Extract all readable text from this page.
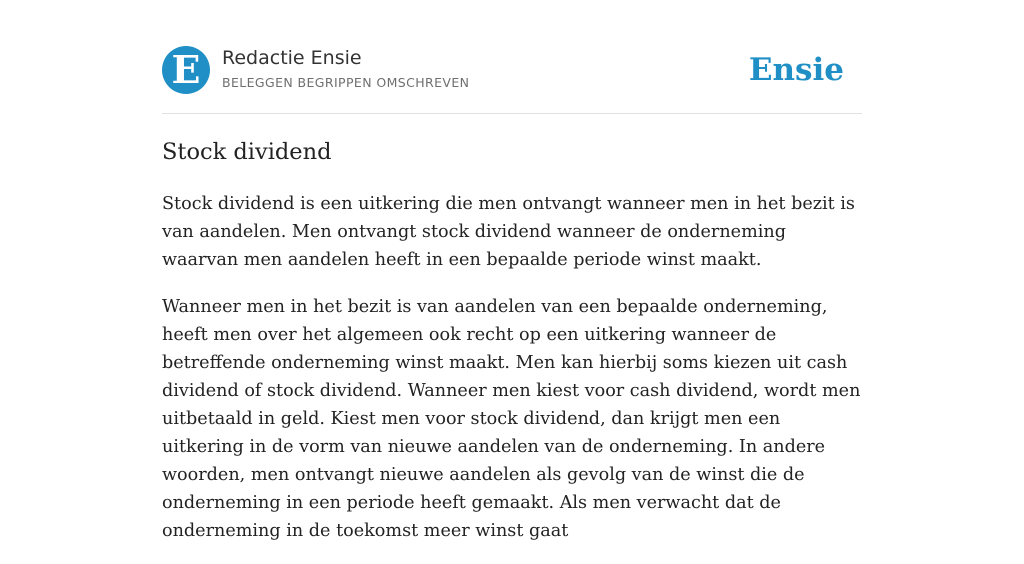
E	Redactie Ensie
BELEGGEN BEGRIPPEN OMSCHREVEN	Ensie
Stock dividend

Stock dividend is een uitkering die men ontvangt wanneer men in het bezit is van aandelen. Men ontvangt stock dividend wanneer de onderneming waarvan men aandelen heeft in een bepaalde periode winst maakt.

Wanneer men in het bezit is van aandelen van een bepaalde onderneming, heeft men over het algemeen ook recht op een uitkering wanneer de betreffende onderneming winst maakt. Men kan hierbij soms kiezen uit cash dividend of stock dividend. Wanneer men kiest voor cash dividend, wordt men uitbetaald in geld. Kiest men voor stock dividend, dan krijgt men een uitkering in de vorm van nieuwe aandelen van de onderneming. In andere woorden, men ontvangt nieuwe aandelen als gevolg van de winst die de onderneming in een periode heeft gemaakt. Als men verwacht dat de onderneming in de toekomst meer winst gaat
